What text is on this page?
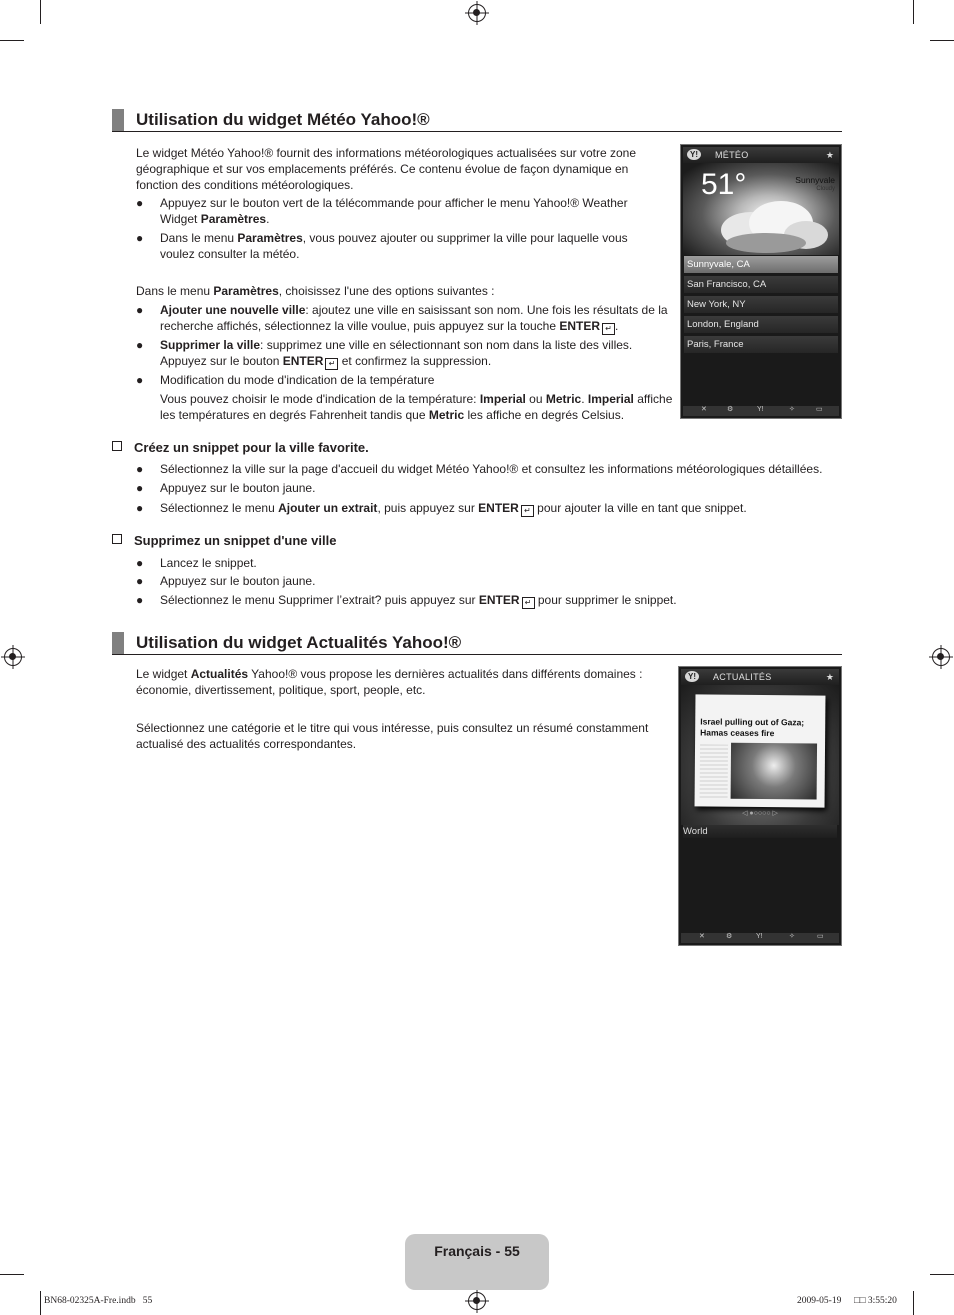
Utilisation du widget Météo Yahoo!®
Le widget Météo Yahoo!® fournit des informations météorologiques actualisées sur votre zone géographique et sur vos emplacements préférés. Ce contenu évolue de façon dynamique en fonction des conditions météorologiques.
●	Appuyez sur le bouton vert de la télécommande pour afficher le menu Yahoo!® Weather Widget Paramètres.
●	Dans le menu Paramètres, vous pouvez ajouter ou supprimer la ville pour laquelle vous voulez consulter la météo.
Dans le menu Paramètres, choisissez l'une des options suivantes :
●	Ajouter une nouvelle ville: ajoutez une ville en saisissant son nom. Une fois les résultats de la recherche affichés, sélectionnez la ville voulue, puis appuyez sur la touche ENTER ↵ .
●	Supprimer la ville: supprimez une ville en sélectionnant son nom dans la liste des villes. Appuyez sur le bouton ENTER ↵ et confirmez la suppression.
●	Modification du mode d'indication de la température
Vous pouvez choisir le mode d'indication de la température: Imperial ou Metric. Imperial affiche les températures en degrés Fahrenheit tandis que Metric les affiche en degrés Celsius.
Y!	MÉTÉO	★
51°	Sunnyvale
Cloudy
Sunnyvale, CA
San Francisco, CA
New York, NY
London, England
Paris, France
✕	⚙	Y!	✧	▭
Créez un snippet pour la ville favorite.
●	Sélectionnez la ville sur la page d'accueil du widget Météo Yahoo!® et consultez les informations météorologiques détaillées.
●	Appuyez sur le bouton jaune.
●	Sélectionnez le menu Ajouter un extrait, puis appuyez sur ENTER ↵ pour ajouter la ville en tant que snippet.
Supprimez un snippet d'une ville
●	Lancez le snippet.
●	Appuyez sur le bouton jaune.
●	Sélectionnez le menu Supprimer l’extrait? puis appuyez sur ENTER ↵ pour supprimer le snippet.
Utilisation du widget Actualités Yahoo!®
Le widget Actualités Yahoo!® vous propose les dernières actualités dans différents domaines : économie, divertissement, politique, sport, people, etc.
Sélectionnez une catégorie et le titre qui vous intéresse, puis consultez un résumé constamment actualisé des actualités correspondantes.
Y!	ACTUALITÉS	★
Israel pulling out of Gaza; Hamas ceases fire
◁ ●○○○○ ▷
World
✕	⚙	Y!	✧	▭
Français - 55
BN68-02325A-Fre.indb   55	2009-05-19 □□ 3:55:20
